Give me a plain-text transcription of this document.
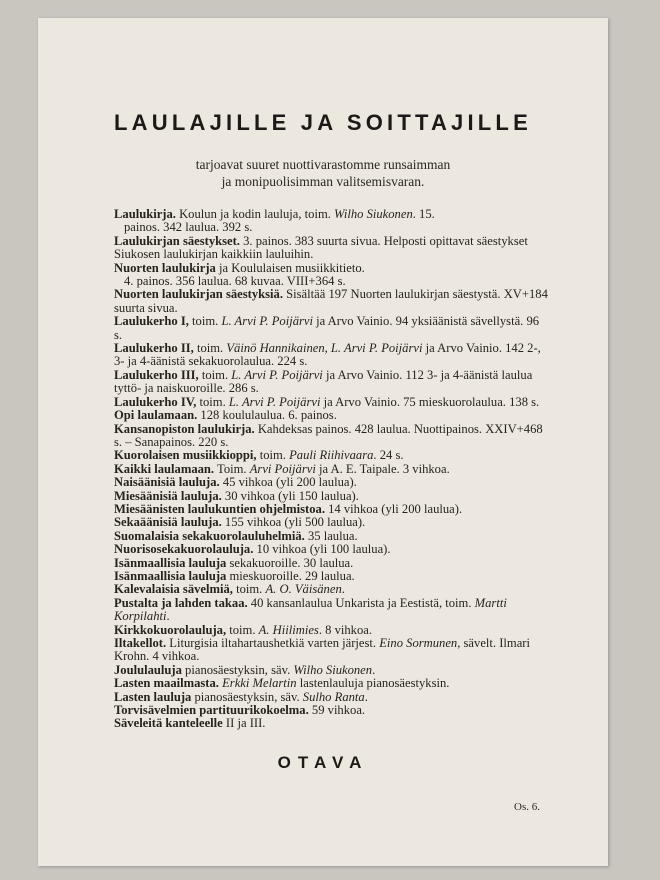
LAULAJILLE JA SOITTAJILLE
tarjoavat suuret nuottivarastomme runsaimman
ja monipuolisimman valitsemisvaran.
Laulukirja. Koulun ja kodin lauluja, toim. Wilho Siukonen. 15.
painos. 342 laulua. 392 s.
Laulukirjan säestykset. 3. painos. 383 suurta sivua. Helposti opittavat säestykset Siukosen laulukirjan kaikkiin lauluihin.
Nuorten laulukirja ja Koululaisen musiikkitieto.
4. painos. 356 laulua. 68 kuvaa. VIII+364 s.
Nuorten laulukirjan säestyksiä. Sisältää 197 Nuorten laulukirjan säestystä. XV+184 suurta sivua.
Laulukerho I, toim. L. Arvi P. Poijärvi ja Arvo Vainio. 94 yksiäänistä sävellystä. 96 s.
Laulukerho II, toim. Väinö Hannikainen, L. Arvi P. Poijärvi ja Arvo Vainio. 142 2-, 3- ja 4-äänistä sekakuorolaulua. 224 s.
Laulukerho III, toim. L. Arvi P. Poijärvi ja Arvo Vainio. 112 3- ja 4-äänistä laulua tyttö- ja naiskuoroille. 286 s.
Laulukerho IV, toim. L. Arvi P. Poijärvi ja Arvo Vainio. 75 mieskuorolaulua. 138 s.
Opi laulamaan. 128 koululaulua. 6. painos.
Kansanopiston laulukirja. Kahdeksas painos. 428 laulua. Nuottipainos. XXIV+468 s. – Sanapainos. 220 s.
Kuorolaisen musiikkioppi, toim. Pauli Riihivaara. 24 s.
Kaikki laulamaan. Toim. Arvi Poijärvi ja A. E. Taipale. 3 vihkoa.
Naisäänisiä lauluja. 45 vihkoa (yli 200 laulua).
Miesäänisiä lauluja. 30 vihkoa (yli 150 laulua).
Miesäänisten laulukuntien ohjelmistoa. 14 vihkoa (yli 200 laulua).
Sekaäänisiä lauluja. 155 vihkoa (yli 500 laulua).
Suomalaisia sekakuorolauluhelmiä. 35 laulua.
Nuorisosekakuorolauluja. 10 vihkoa (yli 100 laulua).
Isänmaallisia lauluja sekakuoroille. 30 laulua.
Isänmaallisia lauluja mieskuoroille. 29 laulua.
Kalevalaisia sävelmiä, toim. A. O. Väisänen.
Pustalta ja lahden takaa. 40 kansanlaulua Unkarista ja Eestistä, toim. Martti Korpilahti.
Kirkkokuorolauluja, toim. A. Hiilimies. 8 vihkoa.
Iltakellot. Liturgisia iltahartaushetkiä varten järjest. Eino Sormunen, sävelt. Ilmari Krohn. 4 vihkoa.
Joululauluja pianosäestyksin, säv. Wilho Siukonen.
Lasten maailmasta. Erkki Melartin lastenlauluja pianosäestyksin.
Lasten lauluja pianosäestyksin, säv. Sulho Ranta.
Torvisävelmien partituurikokoelma. 59 vihkoa.
Säveleitä kanteleelle II ja III.
OTAVA
Os. 6.
